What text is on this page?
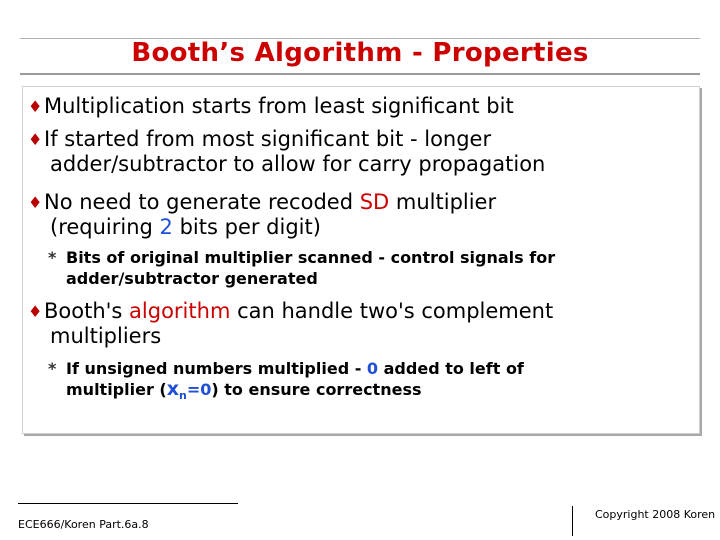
Booth’s Algorithm - Properties
♦ Multiplication starts from least significant bit
♦ If started from most significant bit - longer
adder/subtractor to allow for carry propagation
♦ No need to generate recoded SD multiplier
(requiring 2 bits per digit)
* Bits of original multiplier scanned - control signals for
adder/subtractor generated
♦ Booth's algorithm can handle two's complement
multipliers
* If unsigned numbers multiplied - 0 added to left of
multiplier $(x_n=0)$ to ensure correctness
ECE666/Koren Part.6a.8
Copyright 2008 Koren
